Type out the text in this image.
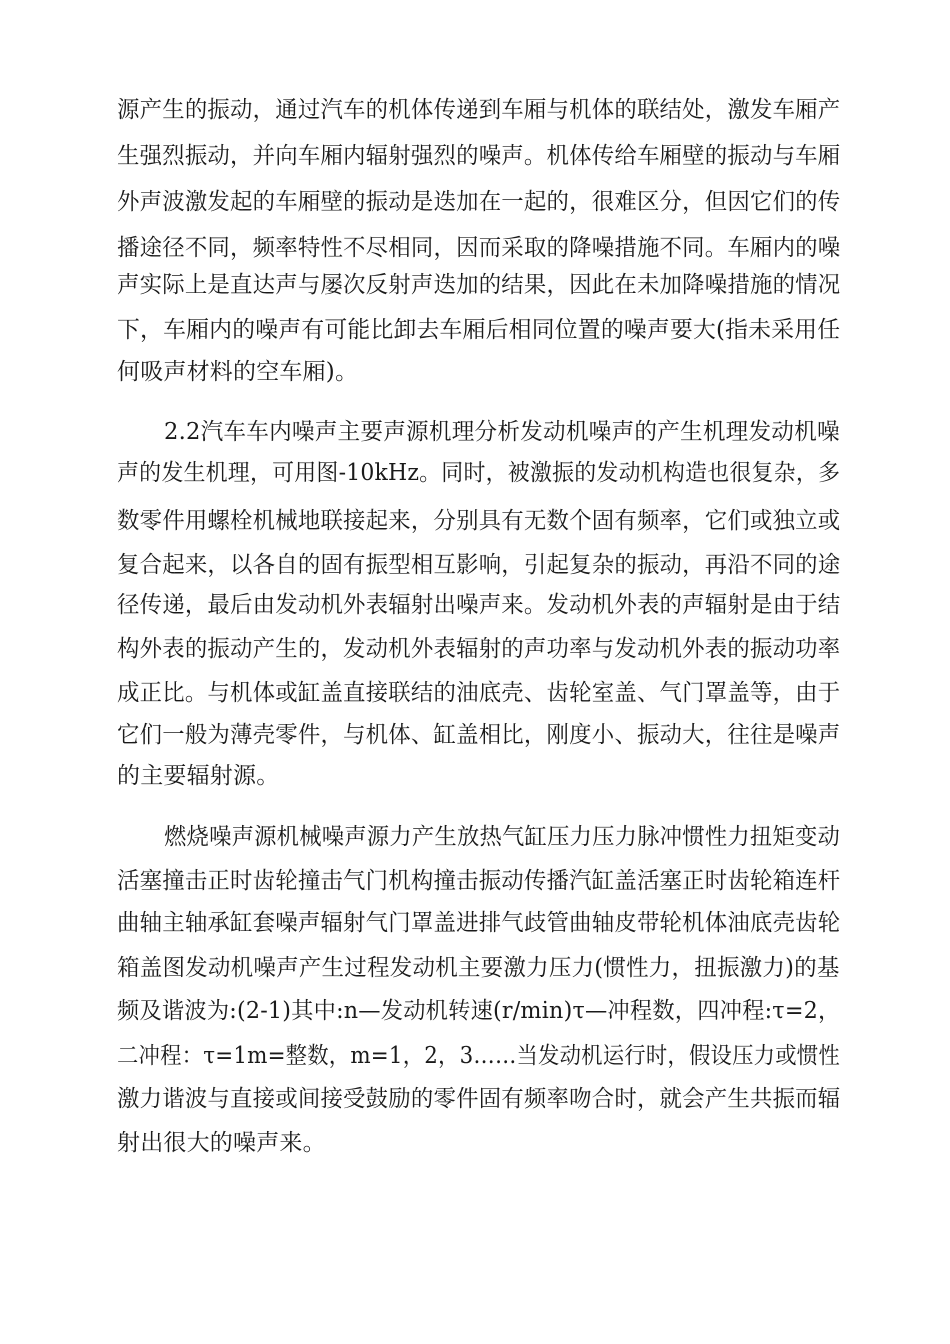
源产生的振动，通过汽车的机体传递到车厢与机体的联结处，激发车厢产
生强烈振动，并向车厢内辐射强烈的噪声。机体传给车厢壁的振动与车厢
外声波激发起的车厢壁的振动是迭加在一起的，很难区分，但因它们的传
播途径不同，频率特性不尽相同，因而采取的降噪措施不同。车厢内的噪
声实际上是直达声与屡次反射声迭加的结果，因此在未加降噪措施的情况
下，车厢内的噪声有可能比卸去车厢后相同位置的噪声要大(指未采用任
何吸声材料的空车厢)。
2.2汽车车内噪声主要声源机理分析发动机噪声的产生机理发动机噪
声的发生机理，可用图-10kHz。同时，被激振的发动机构造也很复杂，多
数零件用螺栓机械地联接起来，分别具有无数个固有频率，它们或独立或
复合起来，以各自的固有振型相互影响，引起复杂的振动，再沿不同的途
径传递，最后由发动机外表辐射出噪声来。发动机外表的声辐射是由于结
构外表的振动产生的，发动机外表辐射的声功率与发动机外表的振动功率
成正比。与机体或缸盖直接联结的油底壳、齿轮室盖、气门罩盖等，由于
它们一般为薄壳零件，与机体、缸盖相比，刚度小、振动大，往往是噪声
的主要辐射源。
燃烧噪声源机械噪声源力产生放热气缸压力压力脉冲惯性力扭矩变动
活塞撞击正时齿轮撞击气门机构撞击振动传播汽缸盖活塞正时齿轮箱连杆
曲轴主轴承缸套噪声辐射气门罩盖进排气歧管曲轴皮带轮机体油底壳齿轮
箱盖图发动机噪声产生过程发动机主要激力压力(惯性力，扭振激力)的基
频及谐波为:(2-1)其中:n—发动机转速(r/min)τ—冲程数，四冲程:τ=2，
二冲程：τ=1m=整数，m=1，2，3……当发动机运行时，假设压力或惯性
激力谐波与直接或间接受鼓励的零件固有频率吻合时，就会产生共振而辐
射出很大的噪声来。
